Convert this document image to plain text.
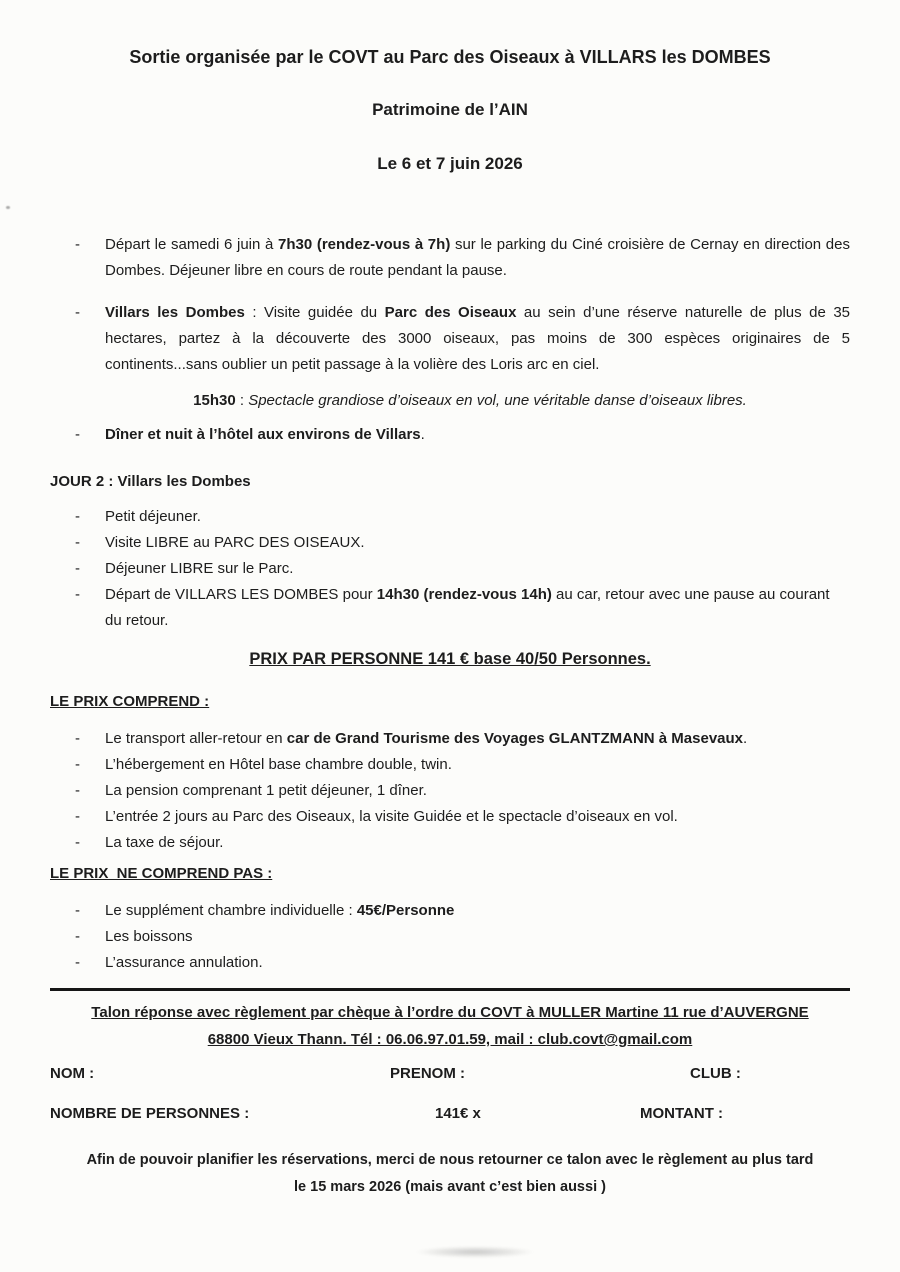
Sortie organisée par le COVT au Parc des Oiseaux à VILLARS les DOMBES
Patrimoine de l’AIN
Le 6 et 7 juin 2026
- Départ le samedi 6 juin à 7h30 (rendez-vous à 7h) sur le parking du Ciné croisière de Cernay en direction des Dombes. Déjeuner libre en cours de route pendant la pause.
- Villars les Dombes : Visite guidée du Parc des Oiseaux au sein d’une réserve naturelle de plus de 35 hectares, partez à la découverte des 3000 oiseaux, pas moins de 300 espèces originaires de 5 continents...sans oublier un petit passage à la volière des Loris arc en ciel.

15h30 : Spectacle grandiose d’oiseaux en vol, une véritable danse d’oiseaux libres.

- Dîner et nuit à l’hôtel aux environs de Villars.

JOUR 2 : Villars les Dombes

- Petit déjeuner.
- Visite LIBRE au PARC DES OISEAUX.
- Déjeuner LIBRE sur le Parc.
- Départ de VILLARS LES DOMBES pour 14h30 (rendez-vous 14h) au car, retour avec une pause au courant du retour.

PRIX PAR PERSONNE 141 € base 40/50 Personnes.

LE PRIX COMPREND :

- Le transport aller-retour en car de Grand Tourisme des Voyages GLANTZMANN à Masevaux.
- L’hébergement en Hôtel base chambre double, twin.
- La pension comprenant 1 petit déjeuner, 1 dîner.
- L’entrée 2 jours au Parc des Oiseaux, la visite Guidée et le spectacle d’oiseaux en vol.
- La taxe de séjour.

LE PRIX  NE COMPREND PAS :

- Le supplément chambre individuelle : 45€/Personne
- Les boissons
- L’assurance annulation.

Talon réponse avec règlement par chèque à l’ordre du COVT à MULLER Martine 11 rue d’AUVERGNE
68800 Vieux Thann. Tél : 06.06.97.01.59, mail : club.covt@gmail.com

NOM :	PRENOM :	CLUB :
NOMBRE DE PERSONNES :	141€ x	MONTANT :

Afin de pouvoir planifier les réservations, merci de nous retourner ce talon avec le règlement au plus tard
le 15 mars 2026 (mais avant c’est bien aussi )
